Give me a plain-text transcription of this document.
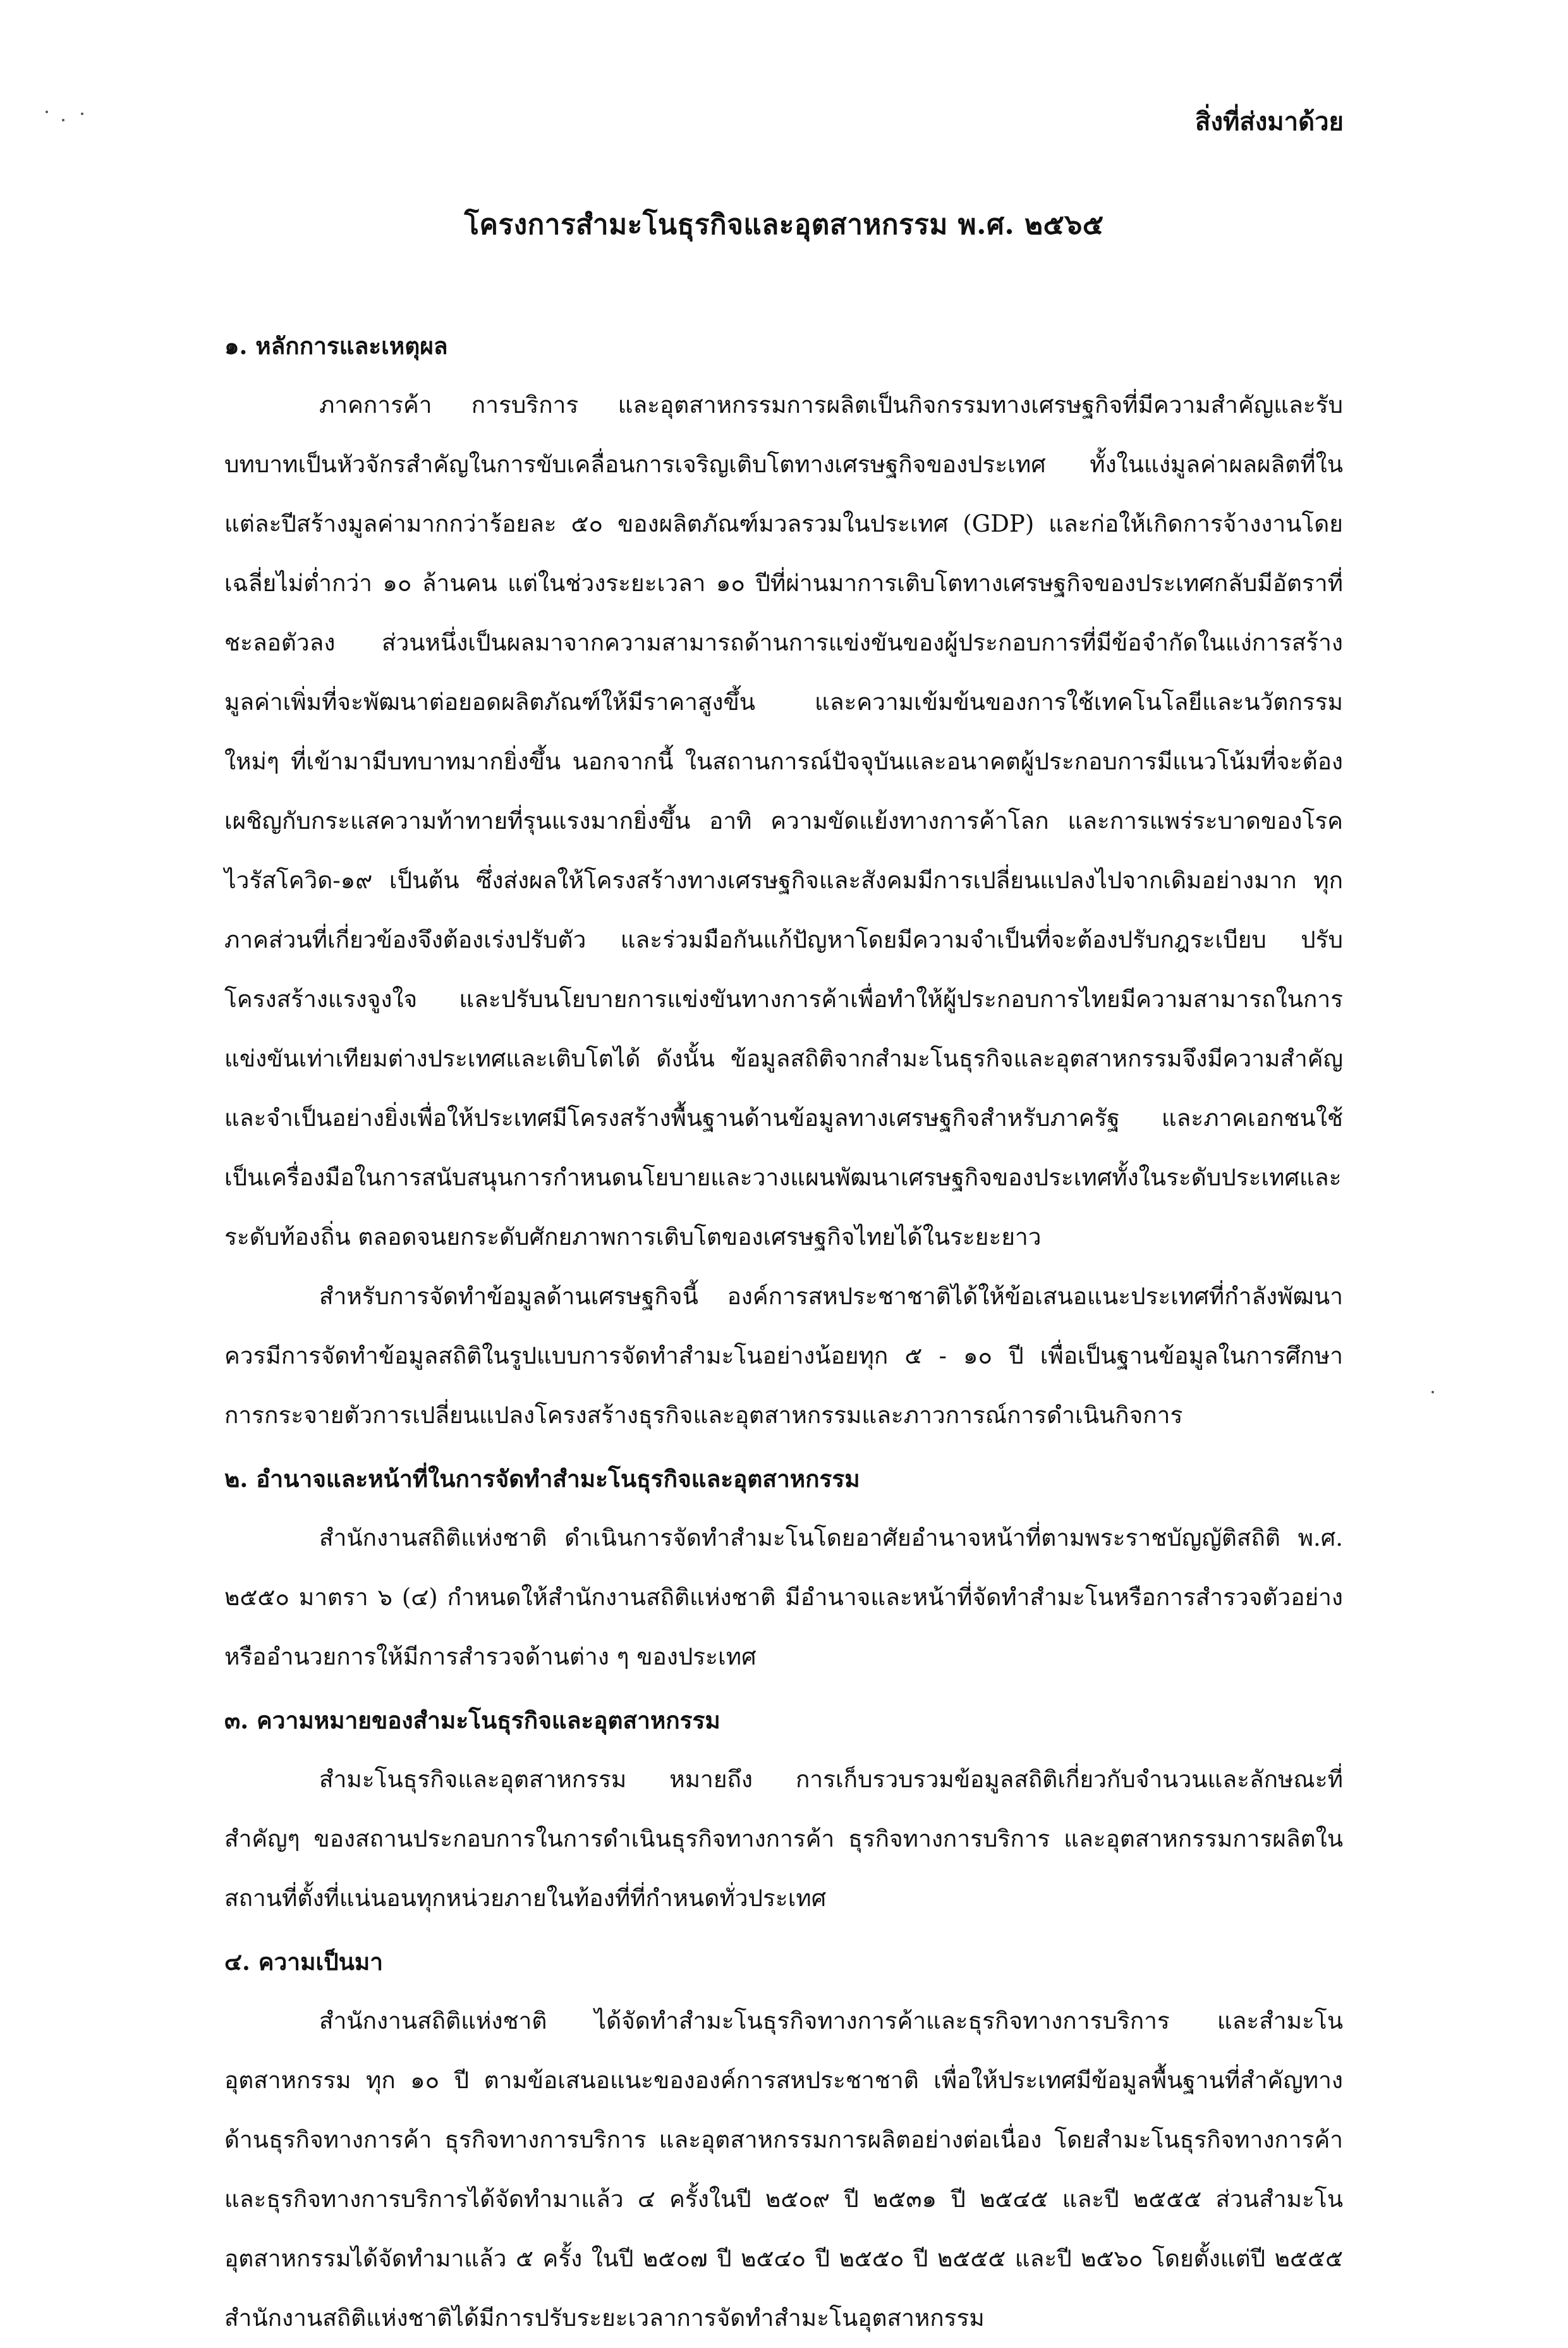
สิ่งที่ส่งมาด้วย
โครงการสำมะโนธุรกิจและอุตสาหกรรม พ.ศ. ๒๕๖๕

๑. หลักการและเหตุผล

ภาคการค้า การบริการ และอุตสาหกรรมการผลิตเป็นกิจกรรมทางเศรษฐกิจที่มีความสำคัญและรับบทบาทเป็นหัวจักรสำคัญในการขับเคลื่อนการเจริญเติบโตทางเศรษฐกิจของประเทศ ทั้งในแง่มูลค่าผลผลิตที่ในแต่ละปีสร้างมูลค่ามากกว่าร้อยละ ๕๐ ของผลิตภัณฑ์มวลรวมในประเทศ (GDP) และก่อให้เกิดการจ้างงานโดยเฉลี่ยไม่ต่ำกว่า ๑๐ ล้านคน แต่ในช่วงระยะเวลา ๑๐ ปีที่ผ่านมาการเติบโตทางเศรษฐกิจของประเทศกลับมีอัตราที่ชะลอตัวลง ส่วนหนึ่งเป็นผลมาจากความสามารถด้านการแข่งขันของผู้ประกอบการที่มีข้อจำกัดในแง่การสร้างมูลค่าเพิ่มที่จะพัฒนาต่อยอดผลิตภัณฑ์ให้มีราคาสูงขึ้น และความเข้มข้นของการใช้เทคโนโลยีและนวัตกรรมใหม่ๆ ที่เข้ามามีบทบาทมากยิ่งขึ้น นอกจากนี้ ในสถานการณ์ปัจจุบันและอนาคตผู้ประกอบการมีแนวโน้มที่จะต้องเผชิญกับกระแสความท้าทายที่รุนแรงมากยิ่งขึ้น อาทิ ความขัดแย้งทางการค้าโลก และการแพร่ระบาดของโรคไวรัสโควิด-๑๙ เป็นต้น ซึ่งส่งผลให้โครงสร้างทางเศรษฐกิจและสังคมมีการเปลี่ยนแปลงไปจากเดิมอย่างมาก ทุกภาคส่วนที่เกี่ยวข้องจึงต้องเร่งปรับตัว และร่วมมือกันแก้ปัญหาโดยมีความจำเป็นที่จะต้องปรับกฎระเบียบ ปรับโครงสร้างแรงจูงใจ และปรับนโยบายการแข่งขันทางการค้าเพื่อทำให้ผู้ประกอบการไทยมีความสามารถในการแข่งขันเท่าเทียมต่างประเทศและเติบโตได้ ดังนั้น ข้อมูลสถิติจากสำมะโนธุรกิจและอุตสาหกรรมจึงมีความสำคัญและจำเป็นอย่างยิ่งเพื่อให้ประเทศมีโครงสร้างพื้นฐานด้านข้อมูลทางเศรษฐกิจสำหรับภาครัฐ และภาคเอกชนใช้เป็นเครื่องมือในการสนับสนุนการกำหนดนโยบายและวางแผนพัฒนาเศรษฐกิจของประเทศทั้งในระดับประเทศและระดับท้องถิ่น ตลอดจนยกระดับศักยภาพการเติบโตของเศรษฐกิจไทยได้ในระยะยาว

สำหรับการจัดทำข้อมูลด้านเศรษฐกิจนี้ องค์การสหประชาชาติได้ให้ข้อเสนอแนะประเทศที่กำลังพัฒนาควรมีการจัดทำข้อมูลสถิติในรูปแบบการจัดทำสำมะโนอย่างน้อยทุก ๕ - ๑๐ ปี เพื่อเป็นฐานข้อมูลในการศึกษาการกระจายตัวการเปลี่ยนแปลงโครงสร้างธุรกิจและอุตสาหกรรมและภาวการณ์การดำเนินกิจการ

๒. อำนาจและหน้าที่ในการจัดทำสำมะโนธุรกิจและอุตสาหกรรม

สำนักงานสถิติแห่งชาติ ดำเนินการจัดทำสำมะโนโดยอาศัยอำนาจหน้าที่ตามพระราชบัญญัติสถิติ พ.ศ. ๒๕๕๐ มาตรา ๖ (๔) กำหนดให้สำนักงานสถิติแห่งชาติ มีอำนาจและหน้าที่จัดทำสำมะโนหรือการสำรวจตัวอย่าง หรืออำนวยการให้มีการสำรวจด้านต่าง ๆ ของประเทศ

๓. ความหมายของสำมะโนธุรกิจและอุตสาหกรรม

สำมะโนธุรกิจและอุตสาหกรรม หมายถึง การเก็บรวบรวมข้อมูลสถิติเกี่ยวกับจำนวนและลักษณะที่สำคัญๆ ของสถานประกอบการในการดำเนินธุรกิจทางการค้า ธุรกิจทางการบริการ และอุตสาหกรรมการผลิตในสถานที่ตั้งที่แน่นอนทุกหน่วยภายในท้องที่ที่กำหนดทั่วประเทศ

๔. ความเป็นมา

สำนักงานสถิติแห่งชาติ ได้จัดทำสำมะโนธุรกิจทางการค้าและธุรกิจทางการบริการ และสำมะโนอุตสาหกรรม ทุก ๑๐ ปี ตามข้อเสนอแนะขององค์การสหประชาชาติ เพื่อให้ประเทศมีข้อมูลพื้นฐานที่สำคัญทางด้านธุรกิจทางการค้า ธุรกิจทางการบริการ และอุตสาหกรรมการผลิตอย่างต่อเนื่อง โดยสำมะโนธุรกิจทางการค้าและธุรกิจทางการบริการได้จัดทำมาแล้ว ๔ ครั้งในปี ๒๕๐๙ ปี ๒๕๓๑ ปี ๒๕๔๕ และปี ๒๕๕๕ ส่วนสำมะโนอุตสาหกรรมได้จัดทำมาแล้ว ๕ ครั้ง ในปี ๒๕๐๗ ปี ๒๕๔๐ ปี ๒๕๕๐ ปี ๒๕๕๕ และปี ๒๕๖๐ โดยตั้งแต่ปี ๒๕๕๕ สำนักงานสถิติแห่งชาติได้มีการปรับระยะเวลาการจัดทำสำมะโนอุตสาหกรรม
